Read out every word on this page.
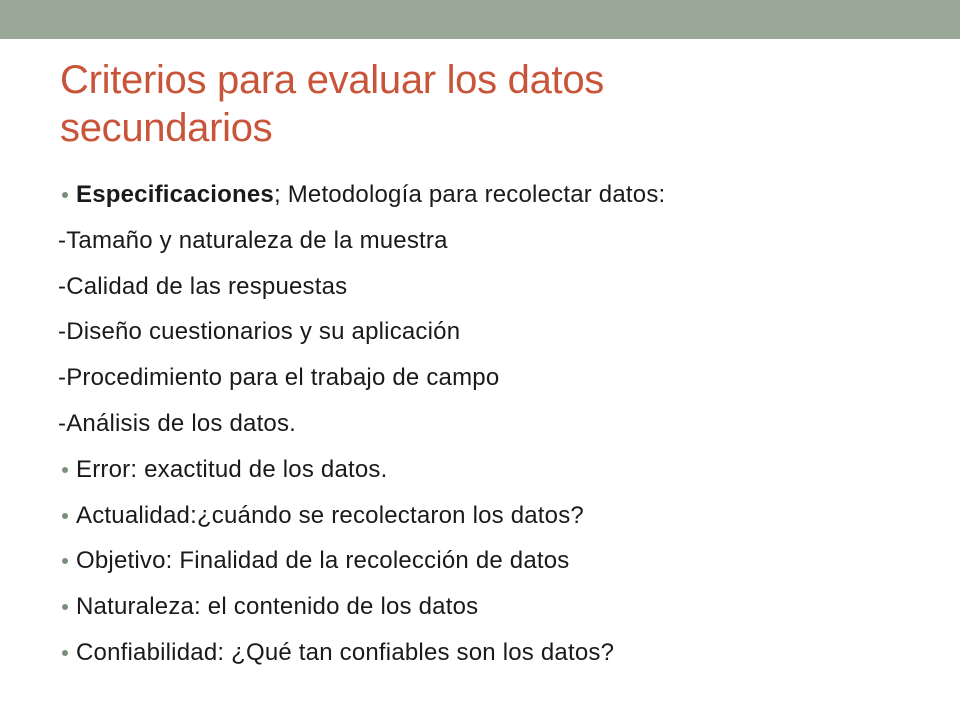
Criterios para evaluar los datos
secundarios
Especificaciones; Metodología para recolectar datos:
-Tamaño y naturaleza de la muestra
-Calidad de las respuestas
-Diseño cuestionarios y su aplicación
-Procedimiento para el trabajo de campo
-Análisis de los datos.
Error: exactitud de los datos.
Actualidad:¿cuándo se recolectaron los datos?
Objetivo: Finalidad de la recolección de datos
Naturaleza: el contenido de los datos
Confiabilidad: ¿Qué tan confiables son los datos?
